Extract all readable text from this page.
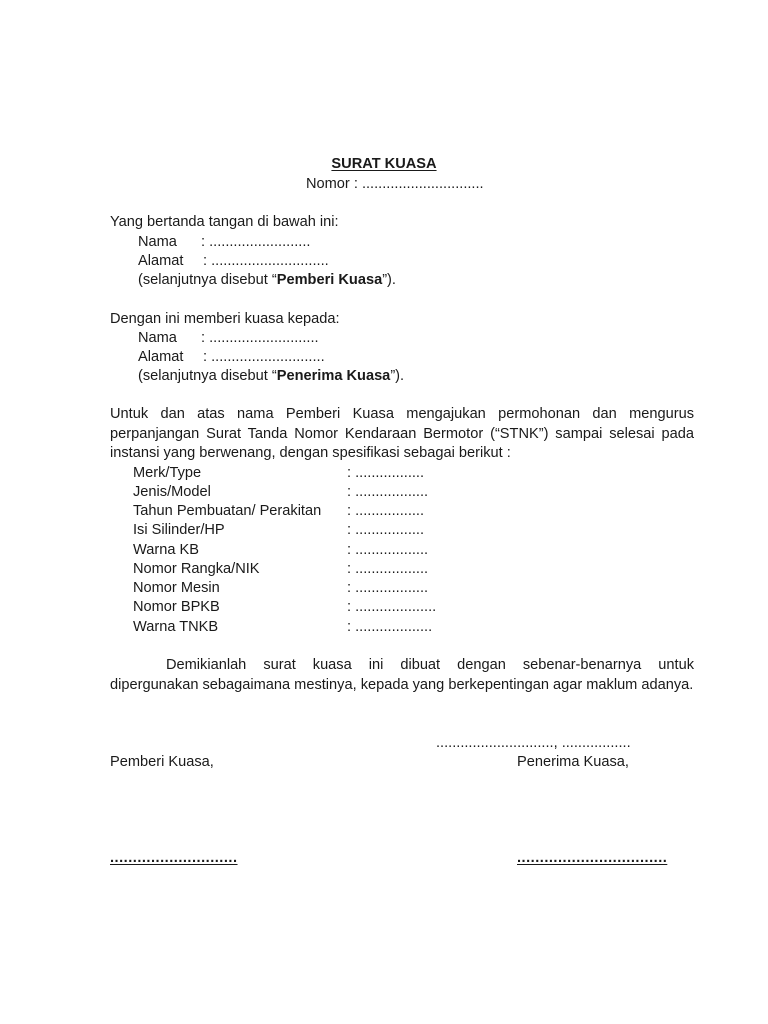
SURAT KUASA
Nomor : ..............................
Yang bertanda tangan di bawah ini:
Nama : .........................
Alamat : .............................
(selanjutnya disebut “Pemberi Kuasa”).
Dengan ini memberi kuasa kepada:
Nama : ...........................
Alamat : ............................
(selanjutnya disebut “Penerima Kuasa”).
Untuk dan atas nama Pemberi Kuasa mengajukan permohonan dan mengurus perpanjangan Surat Tanda Nomor Kendaraan Bermotor (“STNK”) sampai selesai pada instansi yang berwenang, dengan spesifikasi sebagai berikut :
Merk/Type	: .................
Jenis/Model	: ..................
Tahun Pembuatan/ Perakitan : .................
Isi Silinder/HP	: .................
Warna KB	: ..................
Nomor Rangka/NIK	: ..................
Nomor Mesin	: ..................
Nomor BPKB	: ....................
Warna TNKB	: ...................
Demikianlah surat kuasa ini dibuat dengan sebenar-benarnya untuk dipergunakan sebagaimana mestinya, kepada yang berkepentingan agar maklum adanya.
............................., .................
Pemberi Kuasa,	Penerima Kuasa,
............................	.................................
